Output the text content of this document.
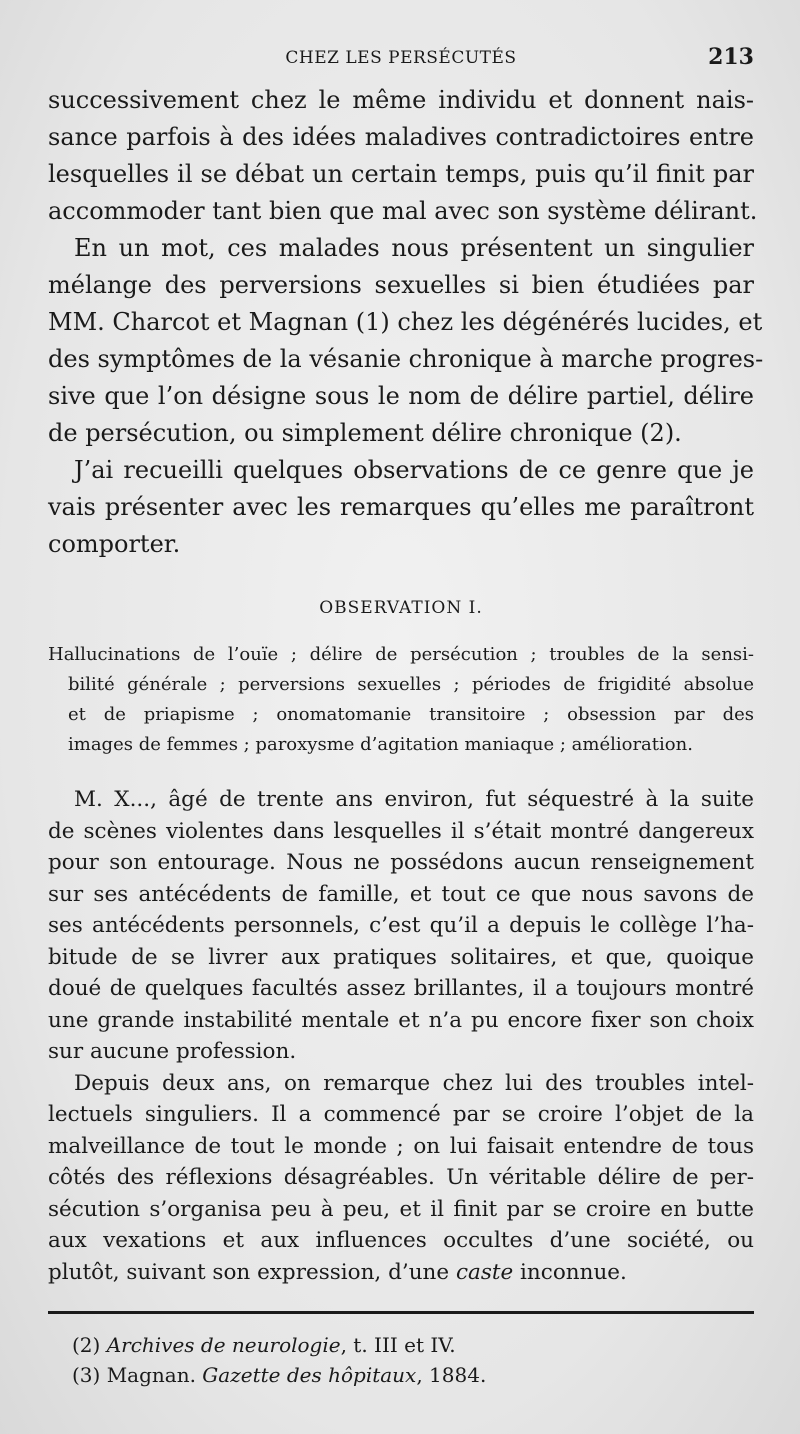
CHEZ LES PERSÉCUTÉS	213
successivement chez le même individu et donnent nais-
sance parfois à des idées maladives contradictoires entre
lesquelles il se débat un certain temps, puis qu’il finit par
accommoder tant bien que mal avec son système délirant.
En un mot, ces malades nous présentent un singulier
mélange des perversions sexuelles si bien étudiées par
MM. Charcot et Magnan (1) chez les dégénérés lucides, et
des symptômes de la vésanie chronique à marche progres-
sive que l’on désigne sous le nom de délire partiel, délire
de persécution, ou simplement délire chronique (2).
J’ai recueilli quelques observations de ce genre que je
vais présenter avec les remarques qu’elles me paraîtront
comporter.
OBSERVATION I.
Hallucinations de l’ouïe ; délire de persécution ; troubles de la sensi-
bilité générale ; perversions sexuelles ; périodes de frigidité absolue
et de priapisme ; onomatomanie transitoire ; obsession par des
images de femmes ; paroxysme d’agitation maniaque ; amélioration.
M. X..., âgé de trente ans environ, fut séquestré à la suite
de scènes violentes dans lesquelles il s’était montré dangereux
pour son entourage. Nous ne possédons aucun renseignement
sur ses antécédents de famille, et tout ce que nous savons de
ses antécédents personnels, c’est qu’il a depuis le collège l’ha-
bitude de se livrer aux pratiques solitaires, et que, quoique
doué de quelques facultés assez brillantes, il a toujours montré
une grande instabilité mentale et n’a pu encore fixer son choix
sur aucune profession.
Depuis deux ans, on remarque chez lui des troubles intel-
lectuels singuliers. Il a commencé par se croire l’objet de la
malveillance de tout le monde ; on lui faisait entendre de tous
côtés des réflexions désagréables. Un véritable délire de per-
sécution s’organisa peu à peu, et il finit par se croire en butte
aux vexations et aux influences occultes d’une société, ou
plutôt, suivant son expression, d’une caste inconnue.
(2) Archives de neurologie, t. III et IV.
(3) Magnan. Gazette des hôpitaux, 1884.
